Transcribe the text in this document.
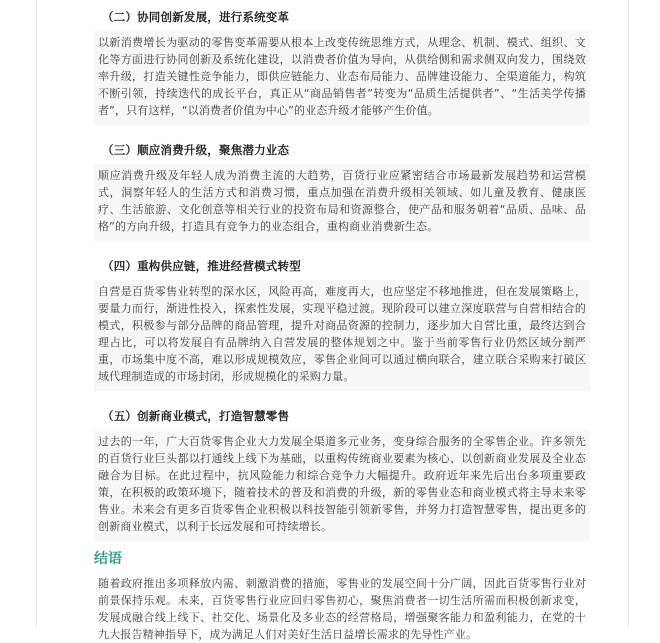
（二）协同创新发展，进行系统变革
以新消费增长为驱动的零售变革需要从根本上改变传统思维方式，从理念、机制、模式、组织、文化等方面进行协同创新及系统化建设，以消费者价值为导向，从供给侧和需求侧双向发力，围绕效率升级，打造关键性竞争能力，即供应链能力、业态布局能力、品牌建设能力、全渠道能力，构筑不断引领，持续迭代的成长平台，真正从“商品销售者”转变为“品质生活提供者”、“生活美学传播者”，只有这样，“以消费者价值为中心”的业态升级才能够产生价值。
（三）顺应消费升级，聚焦潜力业态
顺应消费升级及年轻人成为消费主流的大趋势，百货行业应紧密结合市场最新发展趋势和运营模式，洞察年轻人的生活方式和消费习惯，重点加强在消费升级相关领域、如儿童及教育、健康医疗、生活旅游、文化创意等相关行业的投资布局和资源整合，使产品和服务朝着“品质、品味、品格”的方向升级，打造具有竞争力的业态组合，重构商业消费新生态。
（四）重构供应链，推进经营模式转型
自营是百货零售业转型的深水区，风险再高，难度再大，也应坚定不移地推进，但在发展策略上，要量力而行，渐进性投入，探索性发展，实现平稳过渡。现阶段可以建立深度联营与自营相结合的模式，积极参与部分品牌的商品管理，提升对商品资源的控制力，逐步加大自营比重，最终达到合理占比，可以将发展自有品牌纳入自营发展的整体规划之中。鉴于当前零售行业仍然区域分割严重，市场集中度不高，难以形成规模效应，零售企业间可以通过横向联合，建立联合采购来打破区域代理制造成的市场封闭，形成规模化的采购力量。
（五）创新商业模式，打造智慧零售
过去的一年，广大百货零售企业大力发展全渠道多元业务，变身综合服务的全零售企业。许多领先的百货行业巨头都以打通线上线下为基础，以重构传统商业要素为核心、以创新商业发展及全业态融合为目标。在此过程中，抗风险能力和综合竞争力大幅提升。政府近年来先后出台多项重要政策，在积极的政策环境下，随着技术的普及和消费的升级，新的零售业态和商业模式将主导未来零售业。未来会有更多百货零售企业积极以科技智能引领新零售，并努力打造智慧零售，提出更多的创新商业模式，以利于长远发展和可持续增长。
结语
随着政府推出多项释放内需、刺激消费的措施，零售业的发展空间十分广阔，因此百货零售行业对前景保持乐观。未来，百货零售行业应回归零售初心，聚焦消费者一切生活所需而积极创新求变，发展成融合线上线下、社交化、场景化及多业态的经营格局，增强聚客能力和盈利能力，在党的十九大报告精神指导下，成为满足人们对美好生活日益增长需求的先导性产业。
